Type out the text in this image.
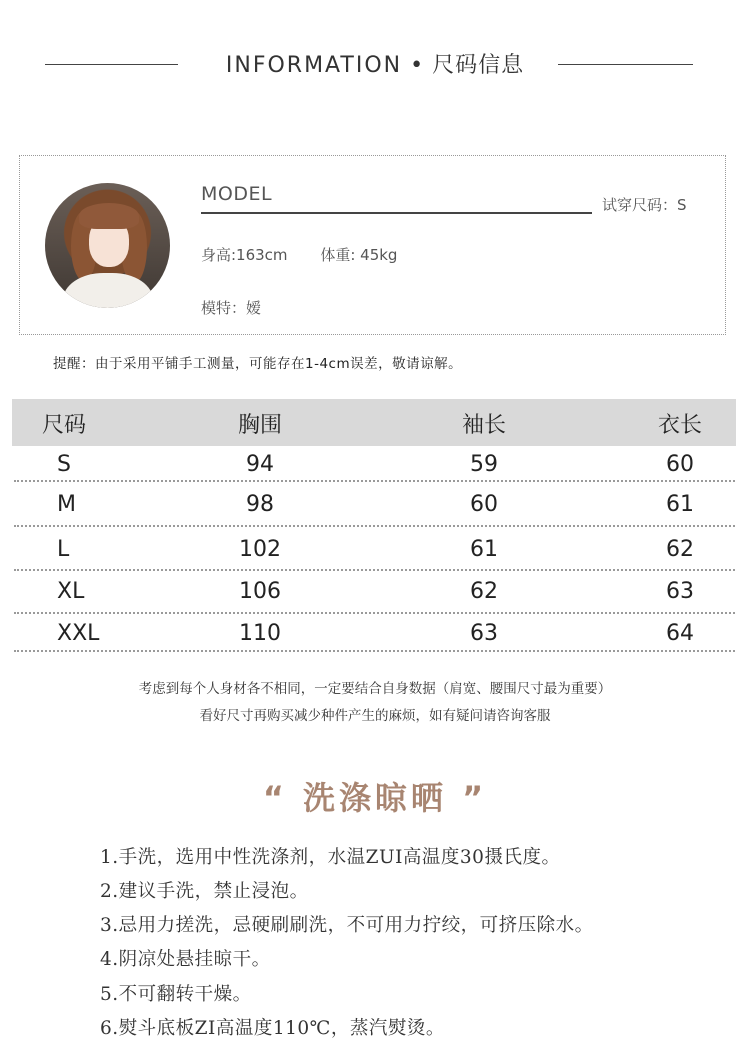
INFORMATION • 尺码信息
MODEL	试穿尺码：S
身高:163cm 体重: 45kg
模特：嫒
提醒：由于采用平铺手工测量，可能存在1-4cm误差，敬请谅解。
尺码	胸围	袖长	衣长
S	94	59	60
M	98	60	61
L	102	61	62
XL	106	62	63
XXL	110	63	64
考虑到每个人身材各不相同，一定要结合自身数据（肩宽、腰围尺寸最为重要）
看好尺寸再购买减少种件产生的麻烦，如有疑问请咨询客服
“ 洗涤晾晒 ”
1.手洗，选用中性洗涤剂，水温ZUI高温度30摄氏度。
2.建议手洗，禁止浸泡。
3.忌用力搓洗，忌硬刷刷洗，不可用力拧绞，可挤压除水。
4.阴凉处悬挂晾干。
5.不可翻转干燥。
6.熨斗底板ZI高温度110℃，蒸汽熨烫。
